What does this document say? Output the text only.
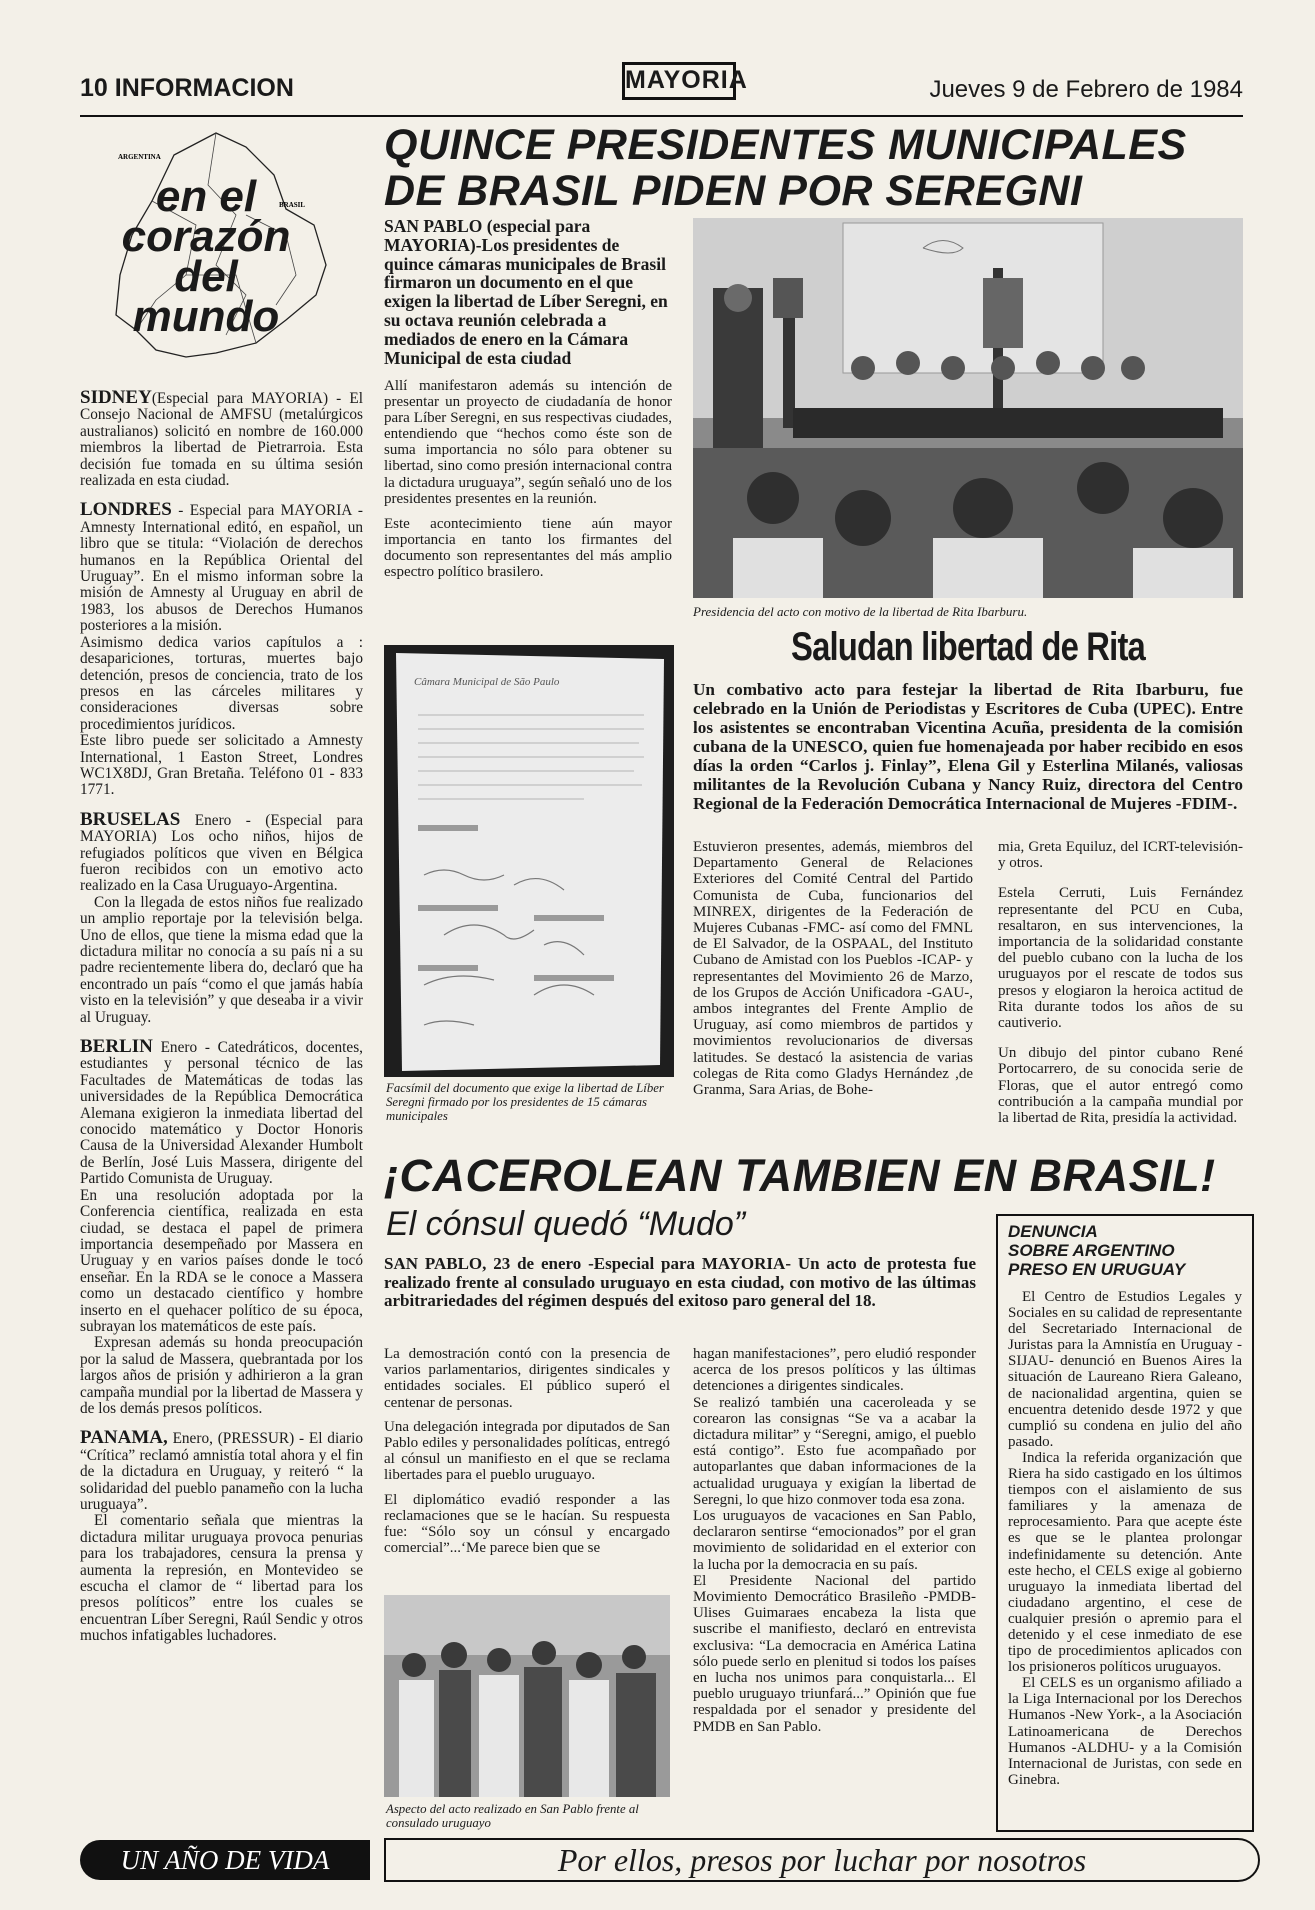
10 INFORMACION	MAYORIA	Jueves 9 de Febrero de 1984
ARGENTINA
BRASIL
en el
corazón
del mundo

SIDNEY(Especial para MAYORIA) - El Consejo Nacional de AMFSU (metalúrgicos australianos) solicitó en nombre de 160.000 miembros la libertad de Pietrarroia. Esta decisión fue tomada en su última sesión realizada en esta ciudad.

LONDRES - Especial para MAYORIA - Amnesty International editó, en español, un libro que se titula: “Violación de derechos humanos en la República Oriental del Uruguay”. En el mismo informan sobre la misión de Amnesty al Uruguay en abril de 1983, los abusos de Derechos Humanos posteriores a la misión.

Asimismo dedica varios capítulos a : desapariciones, torturas, muertes bajo detención, presos de conciencia, trato de los presos en las cárceles militares y consideraciones diversas sobre procedimientos jurídicos.

Este libro puede ser solicitado a Amnesty International, 1 Easton Street, Londres WC1X8DJ, Gran Bretaña. Teléfono 01 - 833 1771.

BRUSELAS Enero - (Especial para MAYORIA) Los ocho niños, hijos de refugiados políticos que viven en Bélgica fueron recibidos con un emotivo acto realizado en la Casa Uruguayo-Argentina.

Con la llegada de estos niños fue realizado un amplio reportaje por la televisión belga. Uno de ellos, que tiene la misma edad que la dictadura militar no conocía a su país ni a su padre recientemente libera do, declaró que ha encontrado un país “como el que jamás había visto en la televisión” y que deseaba ir a vivir al Uruguay.

BERLIN Enero - Catedráticos, docentes, estudiantes y personal técnico de las Facultades de Matemáticas de todas las universidades de la República Democrática Alemana exigieron la inmediata libertad del conocido matemático y Doctor Honoris Causa de la Universidad Alexander Humbolt de Berlín, José Luis Massera, dirigente del Partido Comunista de Uruguay.

En una resolución adoptada por la Conferencia científica, realizada en esta ciudad, se destaca el papel de primera importancia desempeñado por Massera en Uruguay y en varios países donde le tocó enseñar. En la RDA se le conoce a Massera como un destacado científico y hombre inserto en el quehacer político de su época, subrayan los matemáticos de este país.

Expresan además su honda preocupación por la salud de Massera, quebrantada por los largos años de prisión y adhirieron a la gran campaña mundial por la libertad de Massera y de los demás presos políticos.

PANAMA, Enero, (PRESSUR) - El diario “Crítica” reclamó amnistía total ahora y el fin de la dictadura en Uruguay, y reiteró “ la solidaridad del pueblo panameño con la lucha uruguaya”.

El comentario señala que mientras la dictadura militar uruguaya provoca penurias para los trabajadores, censura la prensa y aumenta la represión, en Montevideo se escucha el clamor de “ libertad para los presos políticos” entre los cuales se encuentran Líber Seregni, Raúl Sendic y otros muchos infatigables luchadores.

QUINCE PRESIDENTES MUNICIPALES
DE BRASIL PIDEN POR SEREGNI
SAN PABLO (especial para MAYORIA)-Los presidentes de quince cámaras municipales de Brasil firmaron un documento en el que exigen la libertad de Líber Seregni, en su octava reunión celebrada a mediados de enero en la Cámara Municipal de esta ciudad

Allí manifestaron además su intención de presentar un proyecto de ciudadanía de honor para Líber Seregni, en sus respectivas ciudades, entendiendo que “hechos como éste son de suma importancia no sólo para obtener su libertad, sino como presión internacional contra la dictadura uruguaya”, según señaló uno de los presidentes presentes en la reunión.

Este acontecimiento tiene aún mayor importancia en tanto los firmantes del documento son representantes del más amplio espectro político brasilero.

Presidencia del acto con motivo de la libertad de Rita Ibarburu.
Câmara Municipal de São Paulo
Facsímil del documento que exige la libertad de Líber Seregni firmado por los presidentes de 15 cámaras municipales
Saludan libertad de Rita
Un combativo acto para festejar la libertad de Rita Ibarburu, fue celebrado en la Unión de Periodistas y Escritores de Cuba (UPEC). Entre los asistentes se encontraban Vicentina Acuña, presidenta de la comisión cubana de la UNESCO, quien fue homenajeada por haber recibido en esos días la orden “Carlos j. Finlay”, Elena Gil y Esterlina Milanés, valiosas militantes de la Revolución Cubana y Nancy Ruiz, directora del Centro Regional de la Federación Democrática Internacional de Mujeres -FDIM-.
Estuvieron presentes, además, miembros del Departamento General de Relaciones Exteriores del Comité Central del Partido Comunista de Cuba, funcionarios del MINREX, dirigentes de la Federación de Mujeres Cubanas -FMC- así como del FMNL de El Salvador, de la OSPAAL, del Instituto Cubano de Amistad con los Pueblos -ICAP- y representantes del Movimiento 26 de Marzo, de los Grupos de Acción Unificadora -GAU-, ambos integrantes del Frente Amplio de Uruguay, así como miembros de partidos y movimientos revolucionarios de diversas latitudes. Se destacó la asistencia de varias colegas de Rita como Gladys Hernández ,de Granma, Sara Arias, de Bohe-

mia, Greta Equiluz, del ICRT-televisión- y otros.

Estela Cerruti, Luis Fernández representante del PCU en Cuba, resaltaron, en sus intervenciones, la importancia de la solidaridad constante del pueblo cubano con la lucha de los uruguayos por el rescate de todos sus presos y elogiaron la heroica actitud de Rita durante todos los años de su cautiverio.

Un dibujo del pintor cubano René Portocarrero, de su conocida serie de Floras, que el autor entregó como contribución a la campaña mundial por la libertad de Rita, presidía la actividad.

¡CACEROLEAN TAMBIEN EN BRASIL!
El cónsul quedó “Mudo”
SAN PABLO, 23 de enero -Especial para MAYORIA- Un acto de protesta fue realizado frente al consulado uruguayo en esta ciudad, con motivo de las últimas arbitrariedades del régimen después del exitoso paro general del 18.

La demostración contó con la presencia de varios parlamentarios, dirigentes sindicales y entidades sociales. El público superó el centenar de personas.

Una delegación integrada por diputados de San Pablo ediles y personalidades políticas, entregó al cónsul un manifiesto en el que se reclama libertades para el pueblo uruguayo.

El diplomático evadió responder a las reclamaciones que se le hacían. Su respuesta fue: “Sólo soy un cónsul y encargado comercial”...‘Me parece bien que se

hagan manifestaciones”, pero eludió responder acerca de los presos políticos y las últimas detenciones a dirigentes sindicales.

Se realizó también una caceroleada y se corearon las consignas “Se va a acabar la dictadura militar” y “Seregni, amigo, el pueblo está contigo”. Esto fue acompañado por autoparlantes que daban informaciones de la actualidad uruguaya y exigían la libertad de Seregni, lo que hizo conmover toda esa zona.

Los uruguayos de vacaciones en San Pablo, declararon sentirse “emocionados” por el gran movimiento de solidaridad en el exterior con la lucha por la democracia en su país.

El Presidente Nacional del partido Movimiento Democrático Brasileño -PMDB- Ulises Guimaraes encabeza la lista que suscribe el manifiesto, declaró en entrevista exclusiva: “La democracia en América Latina sólo puede serlo en plenitud si todos los países en lucha nos unimos para conquistarla... El pueblo uruguayo triunfará...” Opinión que fue respaldada por el senador y presidente del PMDB en San Pablo.

Aspecto del acto realizado en San Pablo frente al consulado uruguayo
DENUNCIA
SOBRE ARGENTINO
PRESO EN URUGUAY

El Centro de Estudios Legales y Sociales en su calidad de representante del Secretariado Internacional de Juristas para la Amnistía en Uruguay -SIJAU- denunció en Buenos Aires la situación de Laureano Riera Galeano, de nacionalidad argentina, quien se encuentra detenido desde 1972 y que cumplió su condena en julio del año pasado.

Indica la referida organización que Riera ha sido castigado en los últimos tiempos con el aislamiento de sus familiares y la amenaza de reprocesamiento. Para que acepte éste es que se le plantea prolongar indefinidamente su detención. Ante este hecho, el CELS exige al gobierno uruguayo la inmediata libertad del ciudadano argentino, el cese de cualquier presión o apremio para el detenido y el cese inmediato de ese tipo de procedimientos aplicados con los prisioneros políticos uruguayos.

El CELS es un organismo afiliado a la Liga Internacional por los Derechos Humanos -New York-, a la Asociación Latinoamericana de Derechos Humanos -ALDHU- y a la Comisión Internacional de Juristas, con sede en Ginebra.

UN AÑO DE VIDA	Por ellos, presos por luchar por nosotros
